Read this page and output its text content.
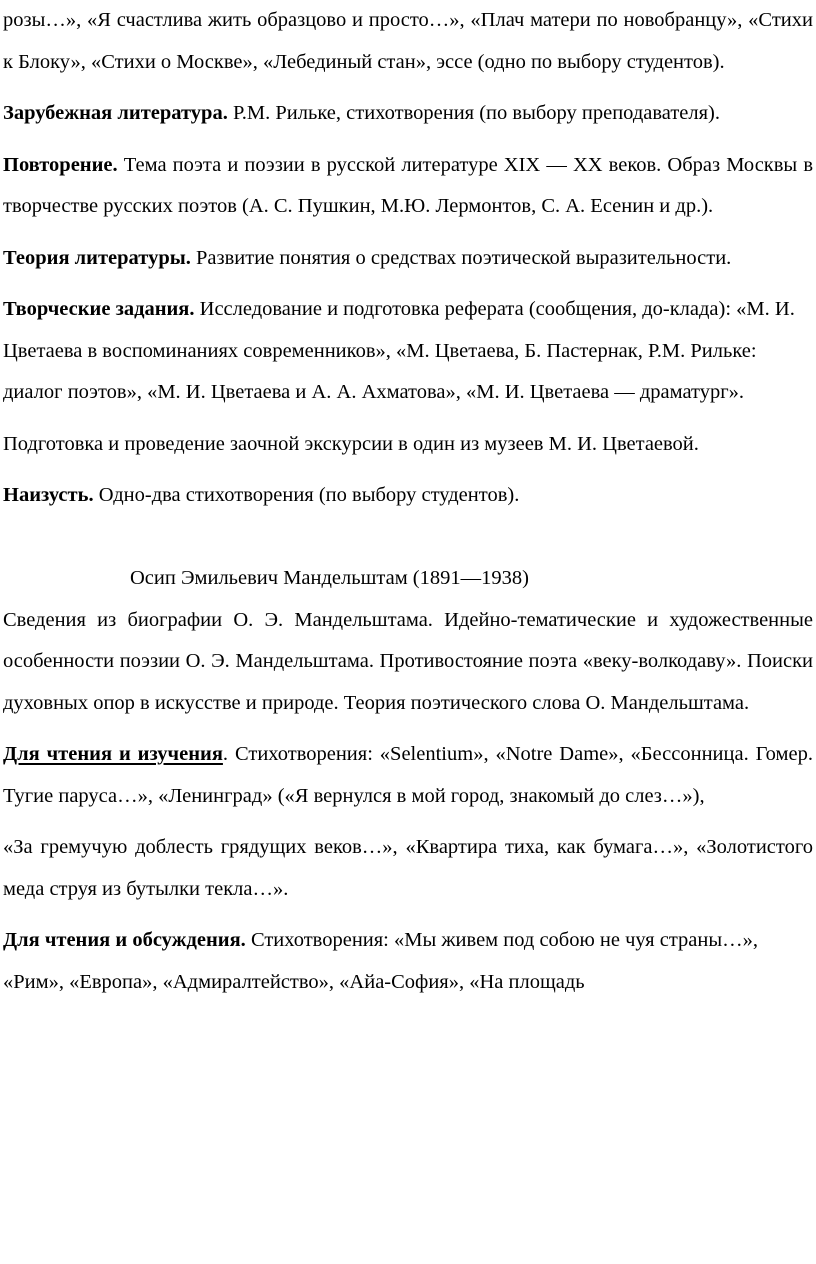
розы…», «Я счастлива жить образцово и просто…», «Плач матери по новобранцу», «Стихи к Блоку», «Стихи о Москве», «Лебединый стан», эссе (одно по выбору студентов).

Зарубежная литература. Р.М. Рильке, стихотворения (по выбору преподавателя).

Повторение. Тема поэта и поэзии в русской литературе XIX — XX веков. Образ Москвы в творчестве русских поэтов (А. С. Пушкин, М.Ю. Лермонтов, С. А. Есенин и др.).

Теория литературы. Развитие понятия о средствах поэтической выразительности.

Творческие задания. Исследование и подготовка реферата (сообщения, до-клада): «М. И. Цветаева в воспоминаниях современников», «М. Цветаева, Б. Пастернак, Р.М. Рильке: диалог поэтов», «М. И. Цветаева и А. А. Ахматова», «М. И. Цветаева — драматург».

Подготовка и проведение заочной экскурсии в один из музеев М. И. Цветаевой.

Наизусть. Одно-два стихотворения (по выбору студентов).

Осип Эмильевич Мандельштам (1891—1938)

Сведения из биографии О. Э. Мандельштама. Идейно-тематические и художественные особенности поэзии О. Э. Мандельштама. Противостояние поэта «веку-волкодаву». Поиски духовных опор в искусстве и природе. Теория поэтического слова О. Мандельштама.

Для чтения и изучения. Стихотворения: «Selentium», «Notre Dame», «Бессонница. Гомер. Тугие паруса…», «Ленинград» («Я вернулся в мой город, знакомый до слез…»),

«За гремучую доблесть грядущих веков…», «Квартира тиха, как бумага…», «Золотистого меда струя из бутылки текла…».

Для чтения и обсуждения. Стихотворения: «Мы живем под собою не чуя страны…», «Рим», «Европа», «Адмиралтейство», «Айа-София», «На площадь
